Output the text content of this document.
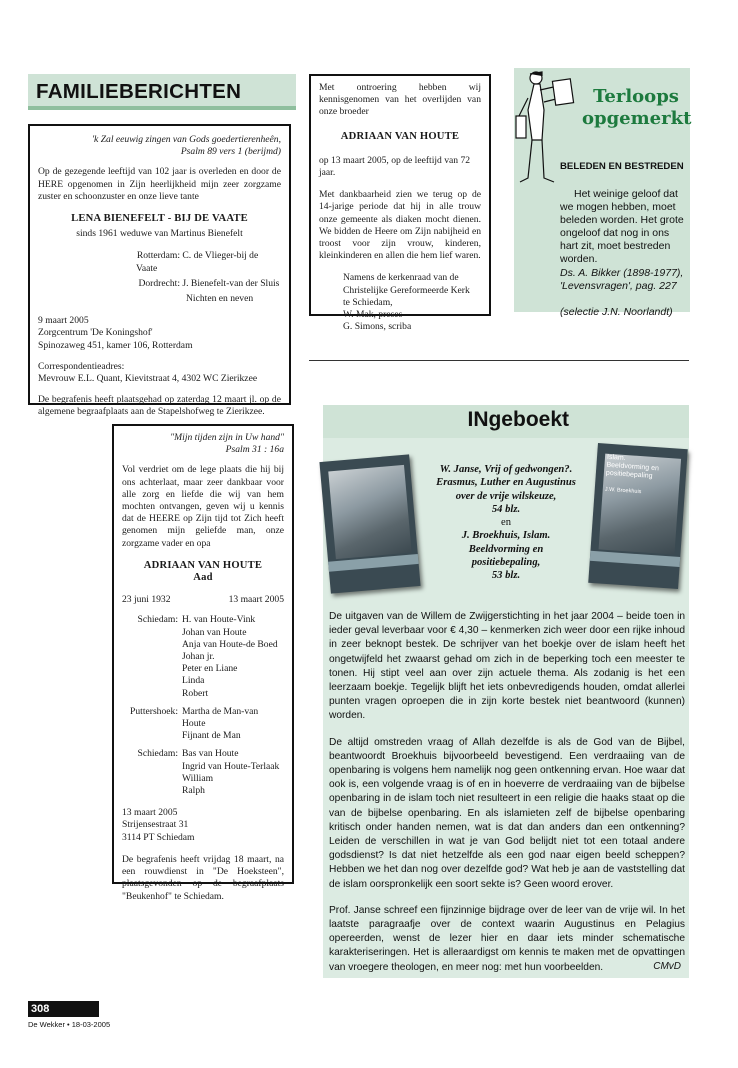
FAMILIEBERICHTEN

'k Zal eeuwig zingen van Gods goedertierenheên,

Psalm 89 vers 1 (berijmd)

Op de gezegende leeftijd van 102 jaar is overleden en door de HERE opgenomen in Zijn heerlijkheid mijn zeer zorgzame zuster en schoonzuster en onze lieve tante

LENA BIENEFELT - BIJ DE VAATE

sinds 1961 weduwe van Martinus Bienefelt

Rotterdam: C. de Vlieger-bij de Vaate
Dordrecht: J. Bienefelt-van der Sluis
Nichten en neven

9 maart 2005

Zorgcentrum 'De Koningshof'

Spinozaweg 451, kamer 106, Rotterdam

Correspondentieadres:

Mevrouw E.L. Quant, Kievitstraat 4, 4302 WC Zierikzee

De begrafenis heeft plaatsgehad op zaterdag 12 maart jl. op de algemene begraafplaats aan de Stapelshofweg te Zierikzee.

Met ontroering hebben wij kennisgenomen van het overlijden van onze broeder

ADRIAAN VAN HOUTE

op 13 maart 2005, op de leeftijd van 72 jaar.

Met dankbaarheid zien we terug op de 14-jarige periode dat hij in alle trouw onze gemeente als diaken mocht dienen. We bidden de Heere om Zijn nabijheid en troost voor zijn vrouw, kinderen, kleinkinderen en allen die hem lief waren.

Namens de kerkenraad van de

Christelijke Gereformeerde Kerk

te Schiedam,

W. Mak, preses

G. Simons, scriba

Terloops
opgemerkt
BELEDEN EN BESTREDEN

Het weinige geloof dat we mogen hebben, moet beleden worden. Het grote ongeloof dat nog in ons hart zit, moet bestreden worden.

Ds. A. Bikker (1898-1977),

'Levensvragen', pag. 227

(selectie J.N. Noorlandt)

"Mijn tijden zijn in Uw hand"

Psalm 31 : 16a

Vol verdriet om de lege plaats die hij bij ons achterlaat, maar zeer dankbaar voor alle zorg en liefde die wij van hem mochten ontvangen, geven wij u kennis dat de HEERE op Zijn tijd tot Zich heeft genomen mijn geliefde man, onze zorgzame vader en opa

ADRIAAN VAN HOUTE

Aad

23 juni 1932	13 maart 2005
Schiedam: H. van Houte-Vink
Johan van Houte
Anja van Houte-de Boed
Johan jr.
Peter en Liane
Linda
Robert
Puttershoek: Martha de Man-van Houte
Fijnant de Man
Schiedam: Bas van Houte
Ingrid van Houte-Terlaak
William
Ralph

13 maart 2005

Strijensestraat 31

3114 PT Schiedam

De begrafenis heeft vrijdag 18 maart, na een rouwdienst in "De Hoeksteen", plaatsgevonden op de begraafplaats "Beukenhof" te Schiedam.

INgeboekt
W. Janse, Vrij of gedwongen?.
Erasmus, Luther en Augustinus
over de vrije wilskeuze,
54 blz.
en
J. Broekhuis, Islam.
Beeldvorming en
positiebepaling,
53 blz.
Islam. Beeldvorming en positiebepaling
J.W. Broekhuis

De uitgaven van de Willem de Zwijgerstichting in het jaar 2004 – beide toen in ieder geval leverbaar voor € 4,30 – kenmerken zich weer door een rijke inhoud in zeer beknopt bestek. De schrijver van het boekje over de islam heeft het ongetwijfeld het zwaarst gehad om zich in de beperking toch een meester te tonen. Hij stipt veel aan over zijn actuele thema. Als zodanig is het een leerzaam boekje. Tegelijk blijft het iets onbevredigends houden, omdat allerlei punten vragen oproepen die in zijn korte bestek niet beantwoord (kunnen) worden.

De altijd omstreden vraag of Allah dezelfde is als de God van de Bijbel, beantwoordt Broekhuis bijvoorbeeld bevestigend. Een verdraaiing van de openbaring is volgens hem namelijk nog geen ontkenning ervan. Hoe waar dat ook is, een volgende vraag is of en in hoeverre de verdraaiing van de bijbelse openbaring in de islam toch niet resulteert in een religie die haaks staat op die van de bijbelse openbaring. En als islamieten zelf de bijbelse openbaring kritisch onder handen nemen, wat is dat dan anders dan een ontkenning? Leiden de verschillen in wat je van God belijdt niet tot een totaal andere godsdienst? Is dat niet hetzelfde als een god naar eigen beeld scheppen? Hebben we het dan nog over dezelfde god? Wat heb je aan de vaststelling dat de islam oorspronkelijk een soort sekte is? Geen woord erover.

Prof. Janse schreef een fijnzinnige bijdrage over de leer van de vrije wil. In het laatste paragraafje over de context waarin Augustinus en Pelagius opereerden, wenst de lezer hier en daar iets minder schematische karakteriseringen. Het is alleraardigst om kennis te maken met de opvattingen van vroegere theologen, en meer nog: met hun voorbeelden.	CMvD
308
De Wekker • 18-03-2005
